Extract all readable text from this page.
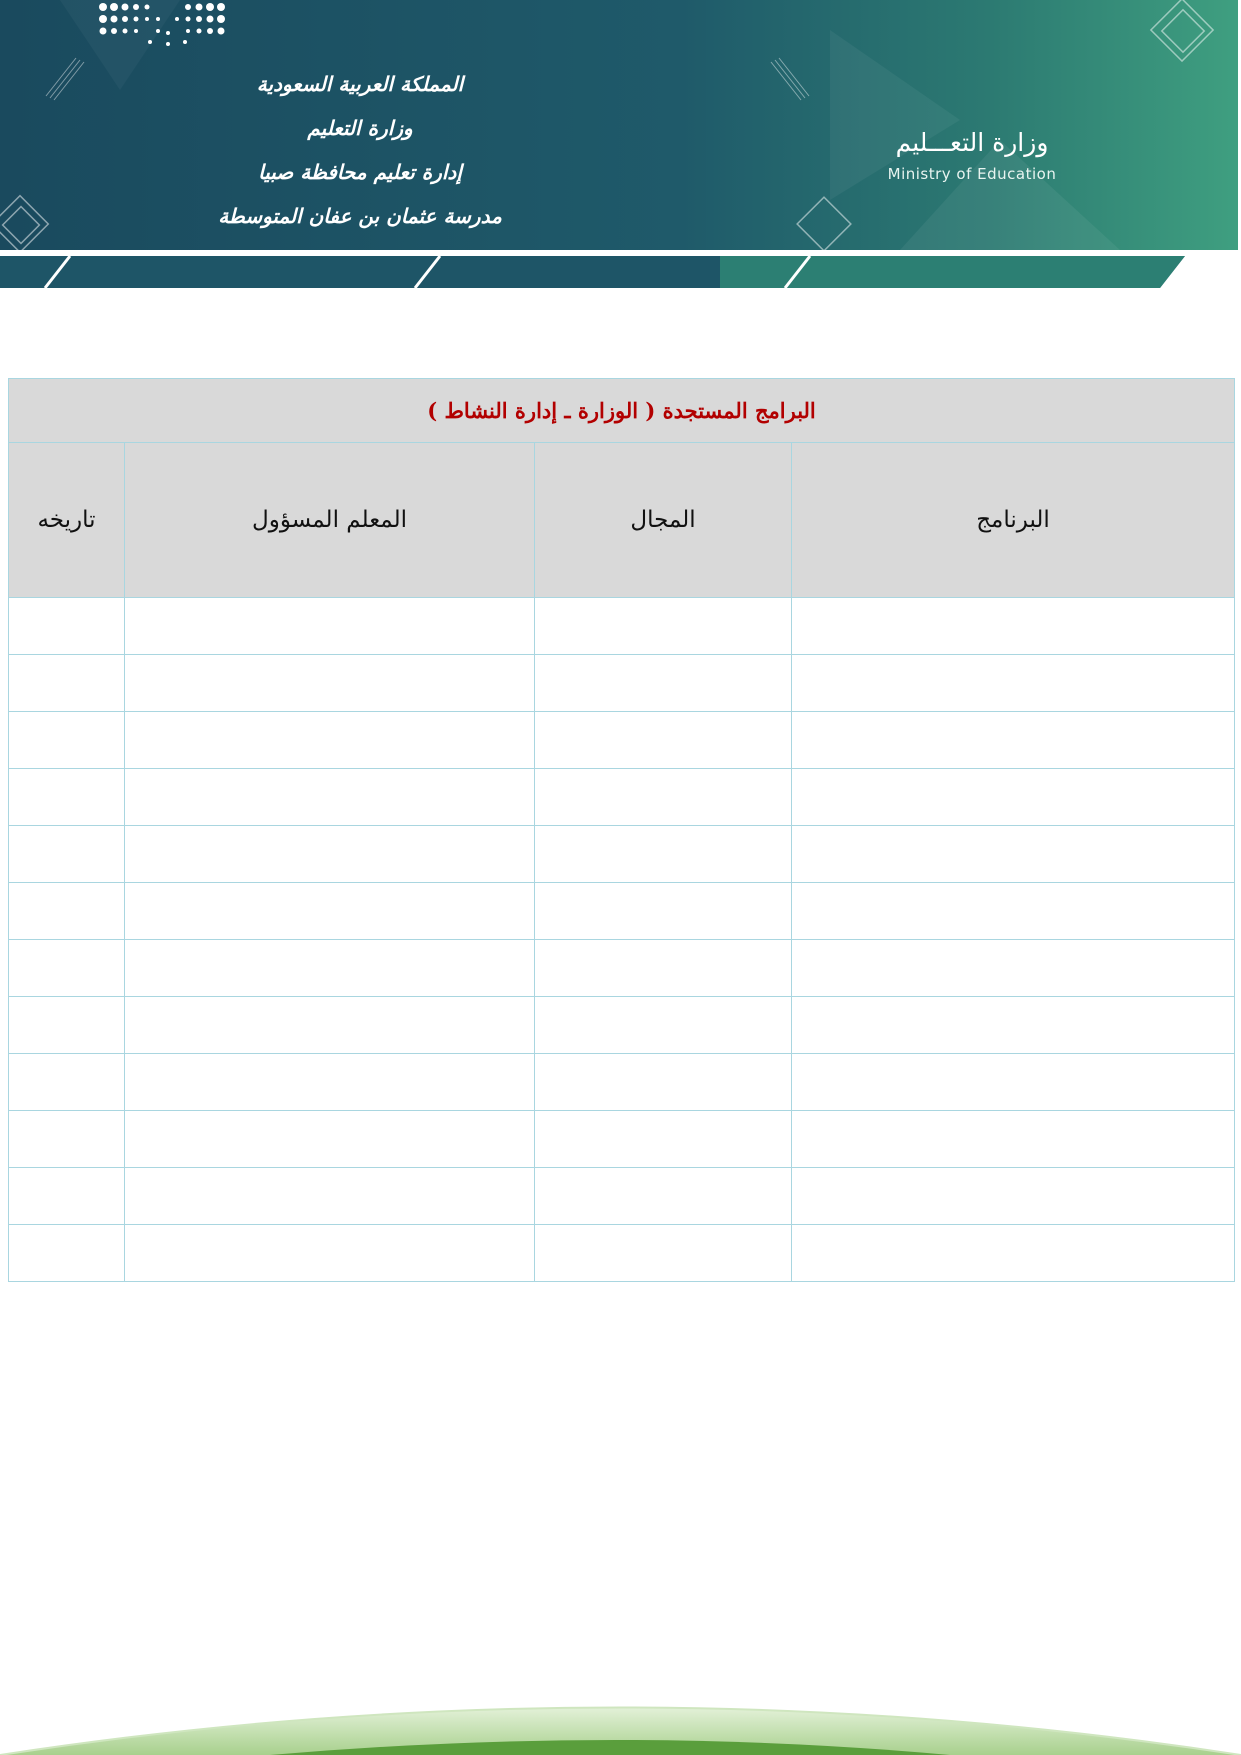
المملكة العربية السعودية
وزارة التعليم
إدارة تعليم محافظة صبيا
مدرسة عثمان بن عفان المتوسطة
وزارة التعـــليم
Ministry of Education
البرامج المستجدة ( الوزارة ـ إدارة النشاط )			
البرنامج	المجال	المعلم المسؤول	تاريخه
